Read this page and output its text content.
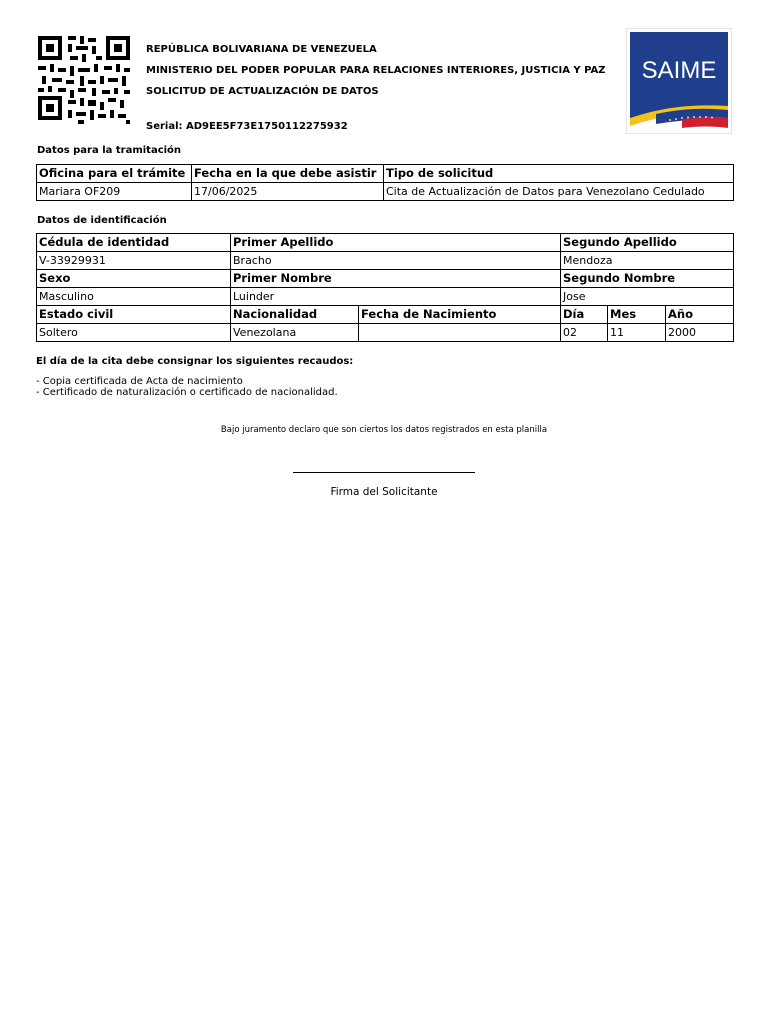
REPÚBLICA BOLIVARIANA DE VENEZUELA
MINISTERIO DEL PODER POPULAR PARA RELACIONES INTERIORES, JUSTICIA Y PAZ
SOLICITUD DE ACTUALIZACIÓN DE DATOS
Serial: AD9EE5F73E1750112275932
SAIME
Datos para la tramitación
Oficina para el trámite	Fecha en la que debe asistir	Tipo de solicitud
Mariara OF209	17/06/2025	Cita de Actualización de Datos para Venezolano Cedulado
Datos de identificación
Cédula de identidad	Primer Apellido		Segundo Apellido		
V-33929931	Bracho		Mendoza		
Sexo	Primer Nombre		Segundo Nombre		
Masculino	Luinder		Jose		
Estado civil	Nacionalidad	Fecha de Nacimiento	Día	Mes	Año
Soltero	Venezolana		02	11	2000
El día de la cita debe consignar los siguientes recaudos:
- Copia certificada de Acta de nacimiento
- Certificado de naturalización o certificado de nacionalidad.
Bajo juramento declaro que son ciertos los datos registrados en esta planilla
Firma del Solicitante
